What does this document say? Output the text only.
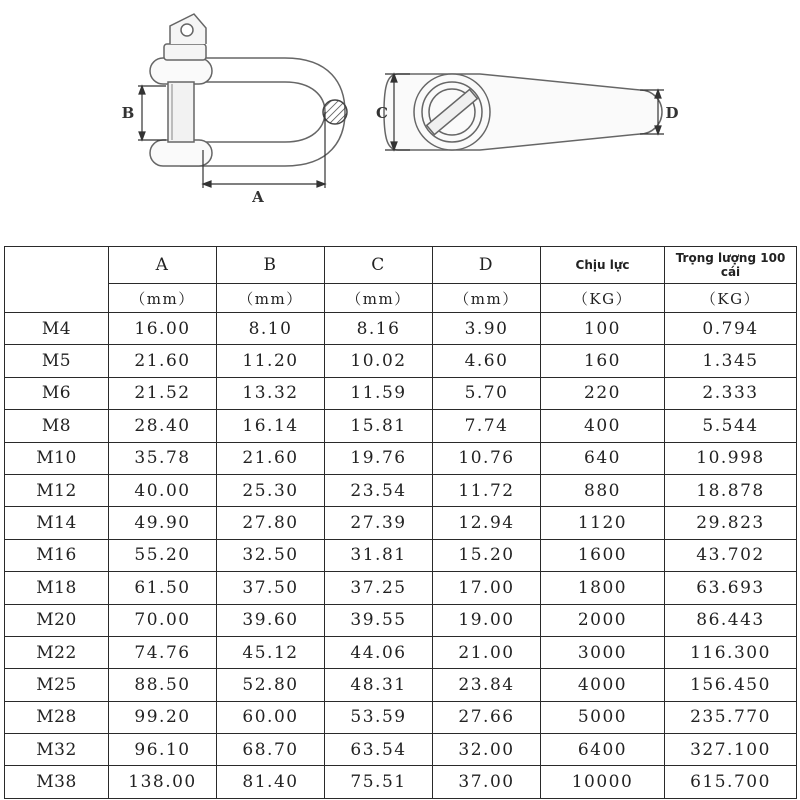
B
A
C	D
	A	B	C	D	Chịu lực	Trọng lượng 100 cái
	（mm）	（mm）	（mm）	（mm）	（KG）	（KG）
M4	16.00	8.10	8.16	3.90	100	0.794
M5	21.60	11.20	10.02	4.60	160	1.345
M6	21.52	13.32	11.59	5.70	220	2.333
M8	28.40	16.14	15.81	7.74	400	5.544
M10	35.78	21.60	19.76	10.76	640	10.998
M12	40.00	25.30	23.54	11.72	880	18.878
M14	49.90	27.80	27.39	12.94	1120	29.823
M16	55.20	32.50	31.81	15.20	1600	43.702
M18	61.50	37.50	37.25	17.00	1800	63.693
M20	70.00	39.60	39.55	19.00	2000	86.443
M22	74.76	45.12	44.06	21.00	3000	116.300
M25	88.50	52.80	48.31	23.84	4000	156.450
M28	99.20	60.00	53.59	27.66	5000	235.770
M32	96.10	68.70	63.54	32.00	6400	327.100
M38	138.00	81.40	75.51	37.00	10000	615.700
